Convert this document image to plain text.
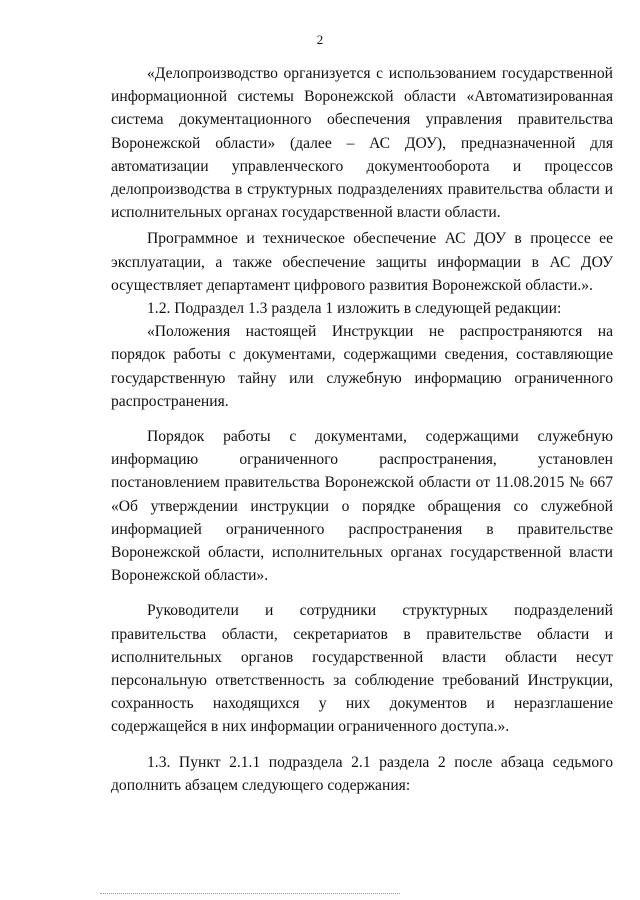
2

«Делопроизводство организуется с использованием государственной информационной системы Воронежской области «Автоматизированная система документационного обеспечения управления правительства Воронежской области» (далее – АС ДОУ), предназначенной для автоматизации управленческого документооборота и процессов делопроизводства в структурных подразделениях правительства области и исполнительных органах государственной власти области.

Программное и техническое обеспечение АС ДОУ в процессе ее эксплуатации, а также обеспечение защиты информации в АС ДОУ осуществляет департамент цифрового развития Воронежской области.».

1.2. Подраздел 1.3 раздела 1 изложить в следующей редакции:

«Положения настоящей Инструкции не распространяются на порядок работы с документами, содержащими сведения, составляющие государственную тайну или служебную информацию ограниченного распространения.

Порядок работы с документами, содержащими служебную информацию ограниченного распространения, установлен постановлением правительства Воронежской области от 11.08.2015 № 667 «Об утверждении инструкции о порядке обращения со служебной информацией ограниченного распространения в правительстве Воронежской области, исполнительных органах государственной власти Воронежской области».

Руководители и сотрудники структурных подразделений правительства области, секретариатов в правительстве области и исполнительных органов государственной власти области несут персональную ответственность за соблюдение требований Инструкции, сохранность находящихся у них документов и неразглашение содержащейся в них информации ограниченного доступа.».

1.3. Пункт 2.1.1 подраздела 2.1 раздела 2 после абзаца седьмого дополнить абзацем следующего содержания:
